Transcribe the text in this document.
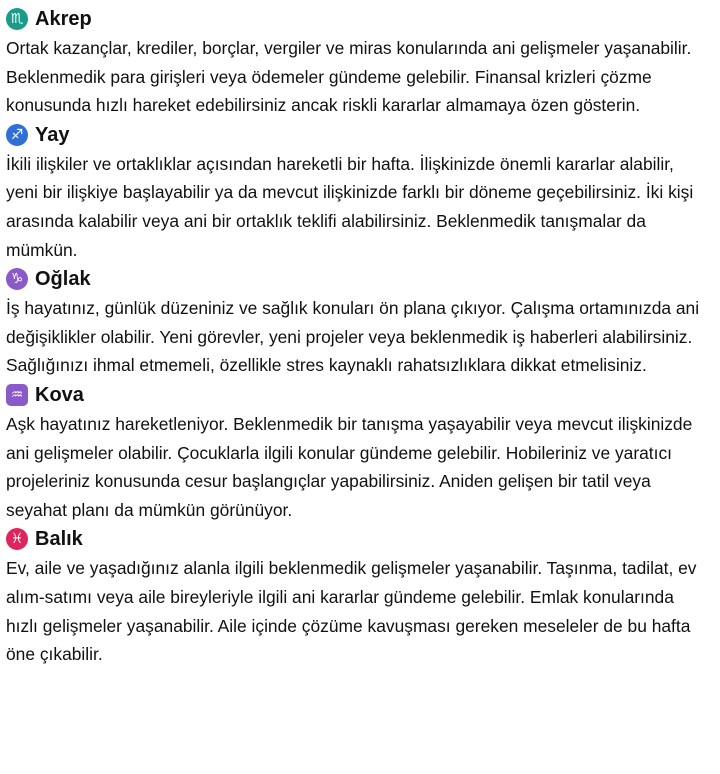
♏ Akrep

Ortak kazançlar, krediler, borçlar, vergiler ve miras konularında ani gelişmeler yaşanabilir. Beklenmedik para girişleri veya ödemeler gündeme gelebilir. Finansal krizleri çözme konusunda hızlı hareket edebilirsiniz ancak riskli kararlar almamaya özen gösterin.

♐ Yay

İkili ilişkiler ve ortaklıklar açısından hareketli bir hafta. İlişkinizde önemli kararlar alabilir, yeni bir ilişkiye başlayabilir ya da mevcut ilişkinizde farklı bir döneme geçebilirsiniz. İki kişi arasında kalabilir veya ani bir ortaklık teklifi alabilirsiniz. Beklenmedik tanışmalar da mümkün.

♑ Oğlak

İş hayatınız, günlük düzeniniz ve sağlık konuları ön plana çıkıyor. Çalışma ortamınızda ani değişiklikler olabilir. Yeni görevler, yeni projeler veya beklenmedik iş haberleri alabilirsiniz. Sağlığınızı ihmal etmemeli, özellikle stres kaynaklı rahatsızlıklara dikkat etmelisiniz.

♒ Kova

Aşk hayatınız hareketleniyor. Beklenmedik bir tanışma yaşayabilir veya mevcut ilişkinizde ani gelişmeler olabilir. Çocuklarla ilgili konular gündeme gelebilir. Hobileriniz ve yaratıcı projeleriniz konusunda cesur başlangıçlar yapabilirsiniz. Aniden gelişen bir tatil veya seyahat planı da mümkün görünüyor.

♓ Balık

Ev, aile ve yaşadığınız alanla ilgili beklenmedik gelişmeler yaşanabilir. Taşınma, tadilat, ev alım-satımı veya aile bireyleriyle ilgili ani kararlar gündeme gelebilir. Emlak konularında hızlı gelişmeler yaşanabilir. Aile içinde çözüme kavuşması gereken meseleler de bu hafta öne çıkabilir.
